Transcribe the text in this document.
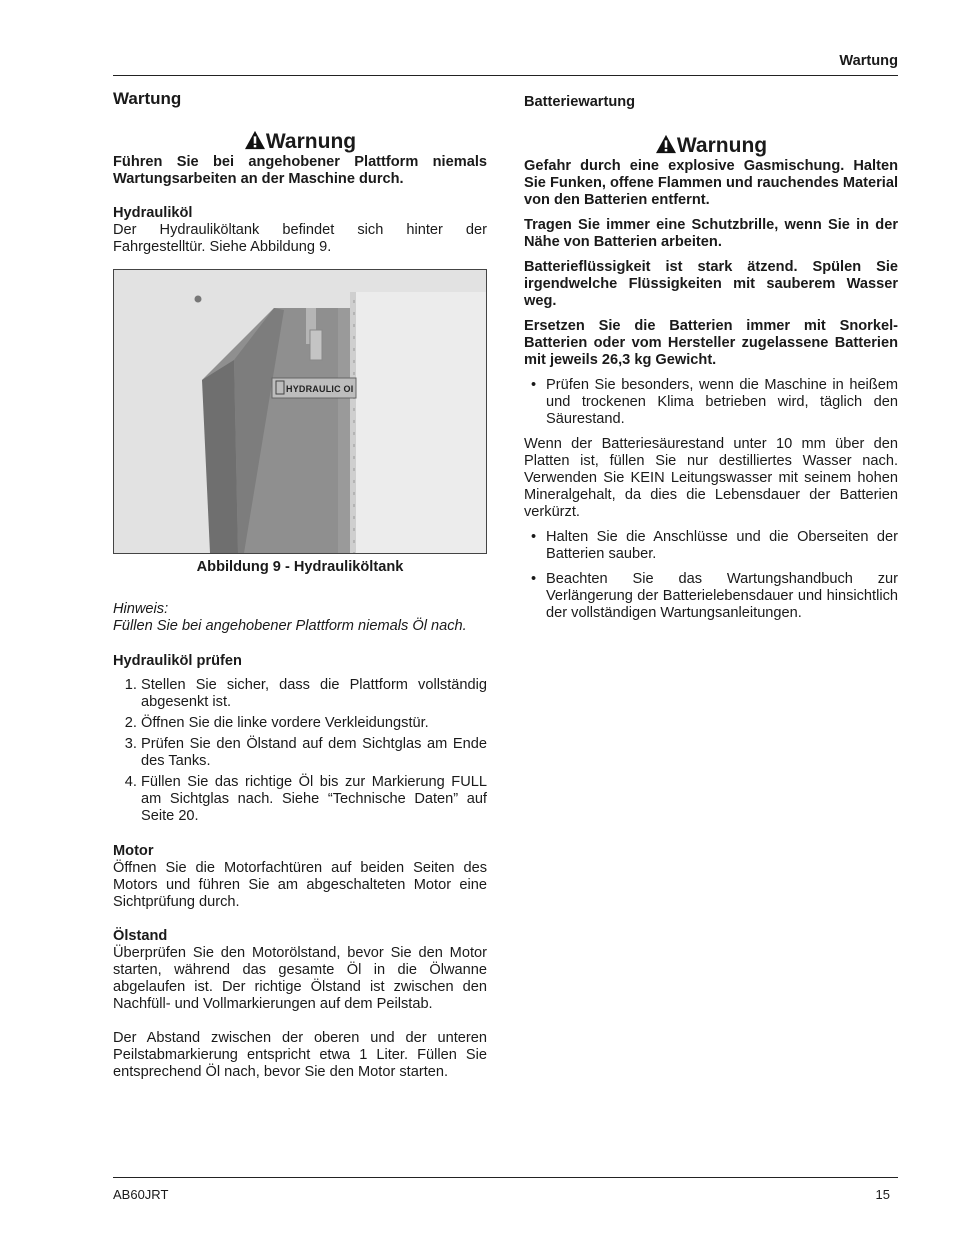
Wartung
Wartung
Warnung

Führen Sie bei angehobener Plattform niemals Wartungsarbeiten an der Maschine durch.

Hydrauliköl

Der Hydrauliköltank befindet sich hinter der Fahrgestelltür. Siehe Abbildung 9.

HYDRAULIC OI
Abbildung 9 - Hydrauliköltank

Hinweis:

Füllen Sie bei angehobener Plattform niemals Öl nach.

Hydrauliköl prüfen

1. Stellen Sie sicher, dass die Plattform vollständig abgesenkt ist.
2. Öffnen Sie die linke vordere Verkleidungstür.
3. Prüfen Sie den Ölstand auf dem Sichtglas am Ende des Tanks.
4. Füllen Sie das richtige Öl bis zur Markierung FULL am Sichtglas nach. Siehe “Technische Daten” auf Seite 20.

Motor

Öffnen Sie die Motorfachtüren auf beiden Seiten des Motors und führen Sie am abgeschalteten Motor eine Sichtprüfung durch.

Ölstand

Überprüfen Sie den Motorölstand, bevor Sie den Motor starten, während das gesamte Öl in die Ölwanne abgelaufen ist. Der richtige Ölstand ist zwischen den Nachfüll- und Vollmarkierungen auf dem Peilstab.

Der Abstand zwischen der oberen und der unteren Peilstabmarkierung entspricht etwa 1 Liter. Füllen Sie entsprechend Öl nach, bevor Sie den Motor starten.

Batteriewartung
Warnung

Gefahr durch eine explosive Gasmischung. Halten Sie Funken, offene Flammen und rauchendes Material von den Batterien entfernt.

Tragen Sie immer eine Schutzbrille, wenn Sie in der Nähe von Batterien arbeiten.

Batterieflüssigkeit ist stark ätzend. Spülen Sie irgendwelche Flüssigkeiten mit sauberem Wasser weg.

Ersetzen Sie die Batterien immer mit Snorkel-Batterien oder vom Hersteller zugelassene Batterien mit jeweils 26,3 kg Gewicht.

• Prüfen Sie besonders, wenn die Maschine in heißem und trockenen Klima betrieben wird, täglich den Säurestand.

Wenn der Batteriesäurestand unter 10 mm über den Platten ist, füllen Sie nur destilliertes Wasser nach. Verwenden Sie KEIN Leitungswasser mit seinem hohen Mineralgehalt, da dies die Lebensdauer der Batterien verkürzt.

• Halten Sie die Anschlüsse und die Oberseiten der Batterien sauber.
• Beachten Sie das Wartungshandbuch zur Verlängerung der Batterielebensdauer und hinsichtlich der vollständigen Wartungsanleitungen.
AB60JRT	15
